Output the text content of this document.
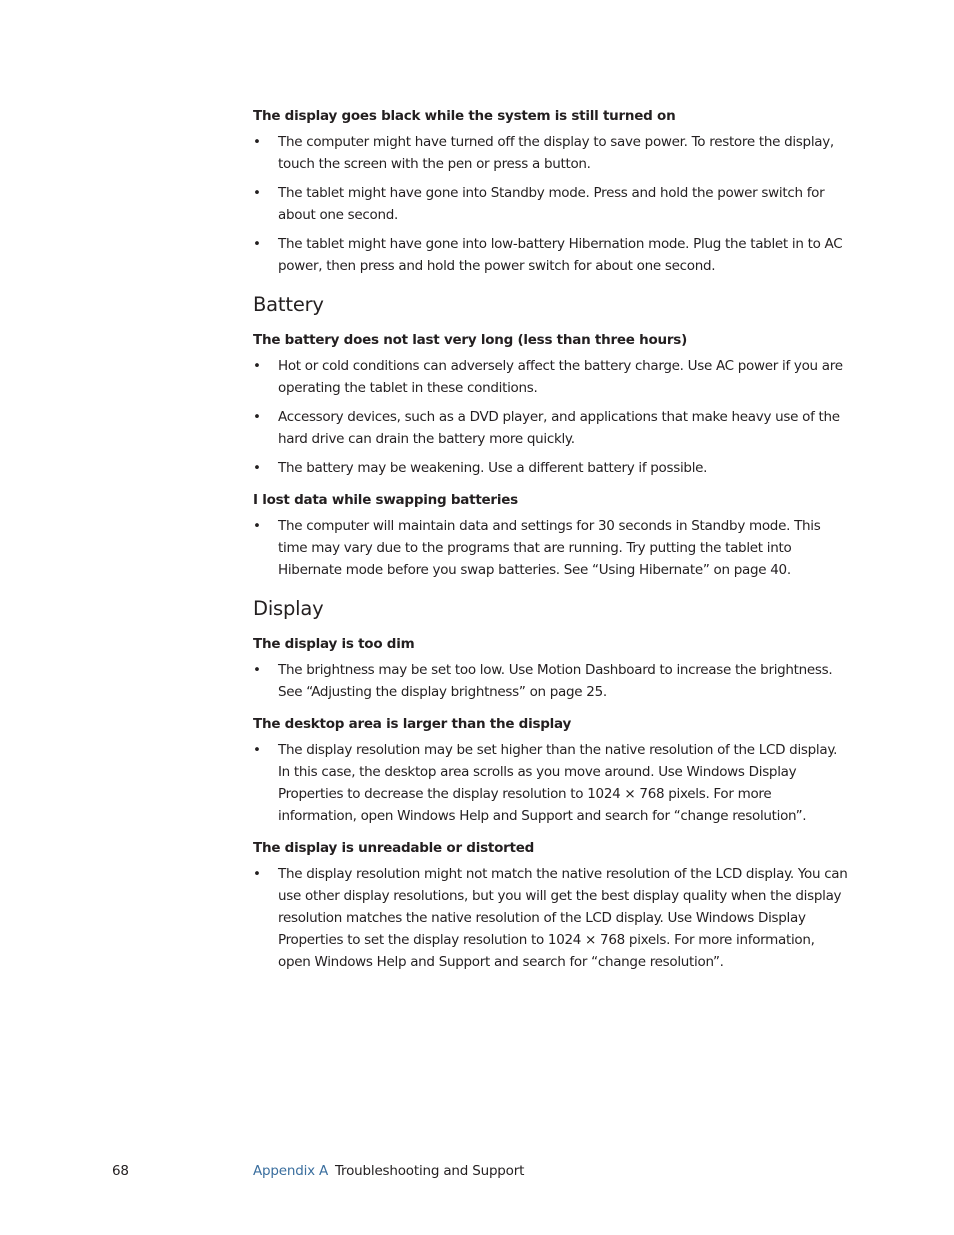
The display goes black while the system is still turned on
• The computer might have turned off the display to save power. To restore the display, touch the screen with the pen or press a button.
• The tablet might have gone into Standby mode. Press and hold the power switch for about one second.
• The tablet might have gone into low-battery Hibernation mode. Plug the tablet in to AC power, then press and hold the power switch for about one second.
Battery
The battery does not last very long (less than three hours)
• Hot or cold conditions can adversely affect the battery charge. Use AC power if you are operating the tablet in these conditions.
• Accessory devices, such as a DVD player, and applications that make heavy use of the hard drive can drain the battery more quickly.
• The battery may be weakening. Use a different battery if possible.
I lost data while swapping batteries
• The computer will maintain data and settings for 30 seconds in Standby mode. This time may vary due to the programs that are running. Try putting the tablet into Hibernate mode before you swap batteries. See “Using Hibernate” on page 40.
Display
The display is too dim
• The brightness may be set too low. Use Motion Dashboard to increase the brightness. See “Adjusting the display brightness” on page 25.
The desktop area is larger than the display
• The display resolution may be set higher than the native resolution of the LCD display. In this case, the desktop area scrolls as you move around. Use Windows Display Properties to decrease the display resolution to 1024 × 768 pixels. For more information, open Windows Help and Support and search for “change resolution”.
The display is unreadable or distorted
• The display resolution might not match the native resolution of the LCD display. You can use other display resolutions, but you will get the best display quality when the display resolution matches the native resolution of the LCD display. Use Windows Display Properties to set the display resolution to 1024 × 768 pixels. For more information, open Windows Help and Support and search for “change resolution”.
68	Appendix A Troubleshooting and Support
